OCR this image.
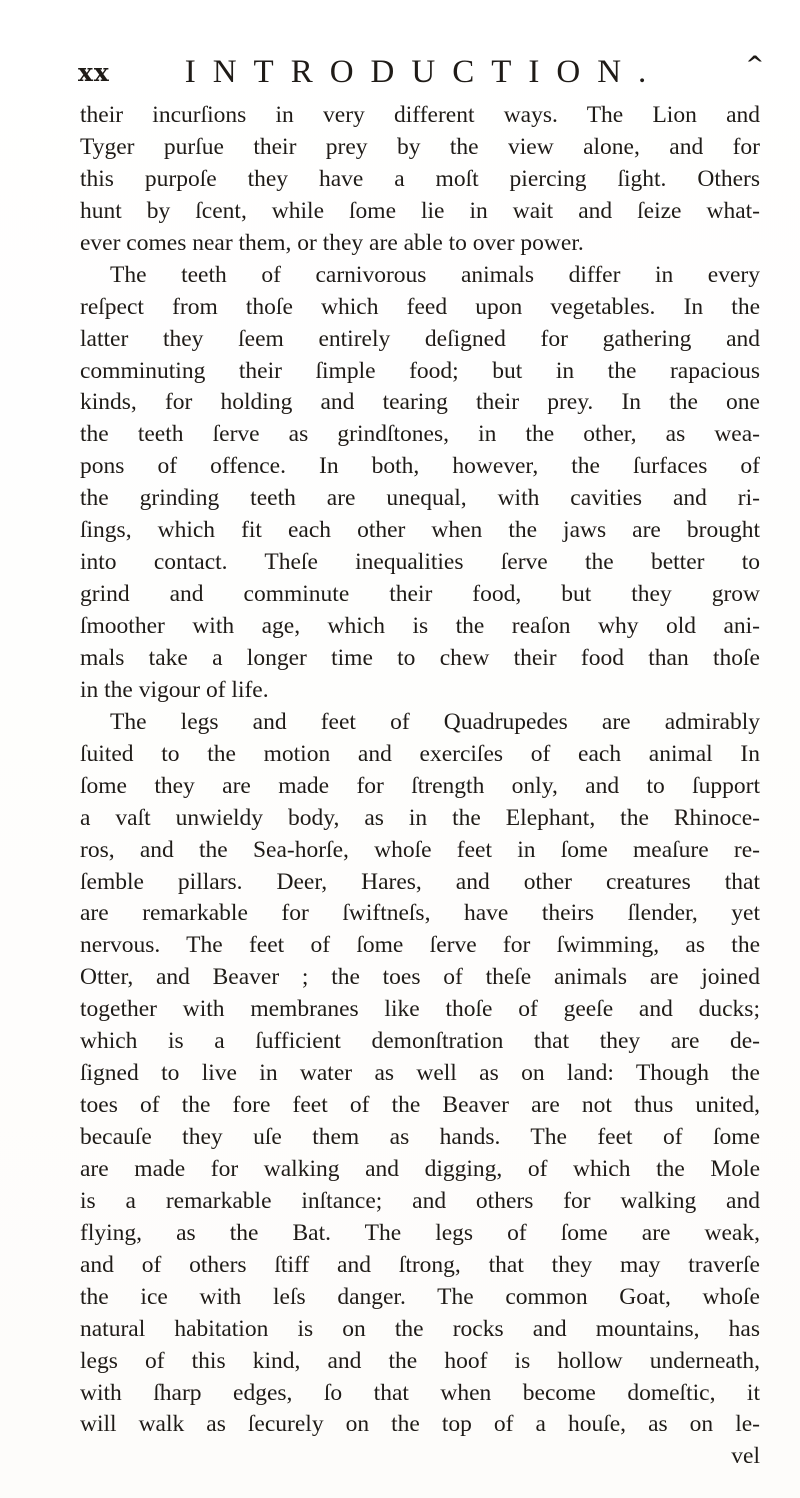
xx	INTRODUCTION.	^
their incurſions in very different ways. The Lion and
Tyger purſue their prey by the view alone, and for
this purpoſe they have a moſt piercing ſight. Others
hunt by ſcent, while ſome lie in wait and ſeize what-
ever comes near them, or they are able to over power.
The teeth of carnivorous animals differ in every
reſpect from thoſe which feed upon vegetables. In the
latter they ſeem entirely deſigned for gathering and
comminuting their ſimple food; but in the rapacious
kinds, for holding and tearing their prey. In the one
the teeth ſerve as grindſtones, in the other, as wea-
pons of offence. In both, however, the ſurfaces of
the grinding teeth are unequal, with cavities and ri-
ſings, which fit each other when the jaws are brought
into contact. Theſe inequalities ſerve the better to
grind and comminute their food, but they grow
ſmoother with age, which is the reaſon why old ani-
mals take a longer time to chew their food than thoſe
in the vigour of life.
The legs and feet of Quadrupedes are admirably
ſuited to the motion and exerciſes of each animal In
ſome they are made for ſtrength only, and to ſupport
a vaſt unwieldy body, as in the Elephant, the Rhinoce-
ros, and the Sea-horſe, whoſe feet in ſome meaſure re-
ſemble pillars. Deer, Hares, and other creatures that
are remarkable for ſwiftneſs, have theirs ſlender, yet
nervous. The feet of ſome ſerve for ſwimming, as the
Otter, and Beaver ; the toes of theſe animals are joined
together with membranes like thoſe of geeſe and ducks;
which is a ſufficient demonſtration that they are de-
ſigned to live in water as well as on land: Though the
toes of the fore feet of the Beaver are not thus united,
becauſe they uſe them as hands. The feet of ſome
are made for walking and digging, of which the Mole
is a remarkable inſtance; and others for walking and
flying, as the Bat. The legs of ſome are weak,
and of others ſtiff and ſtrong, that they may traverſe
the ice with leſs danger. The common Goat, whoſe
natural habitation is on the rocks and mountains, has
legs of this kind, and the hoof is hollow underneath,
with ſharp edges, ſo that when become domeſtic, it
will walk as ſecurely on the top of a houſe, as on le-
vel
